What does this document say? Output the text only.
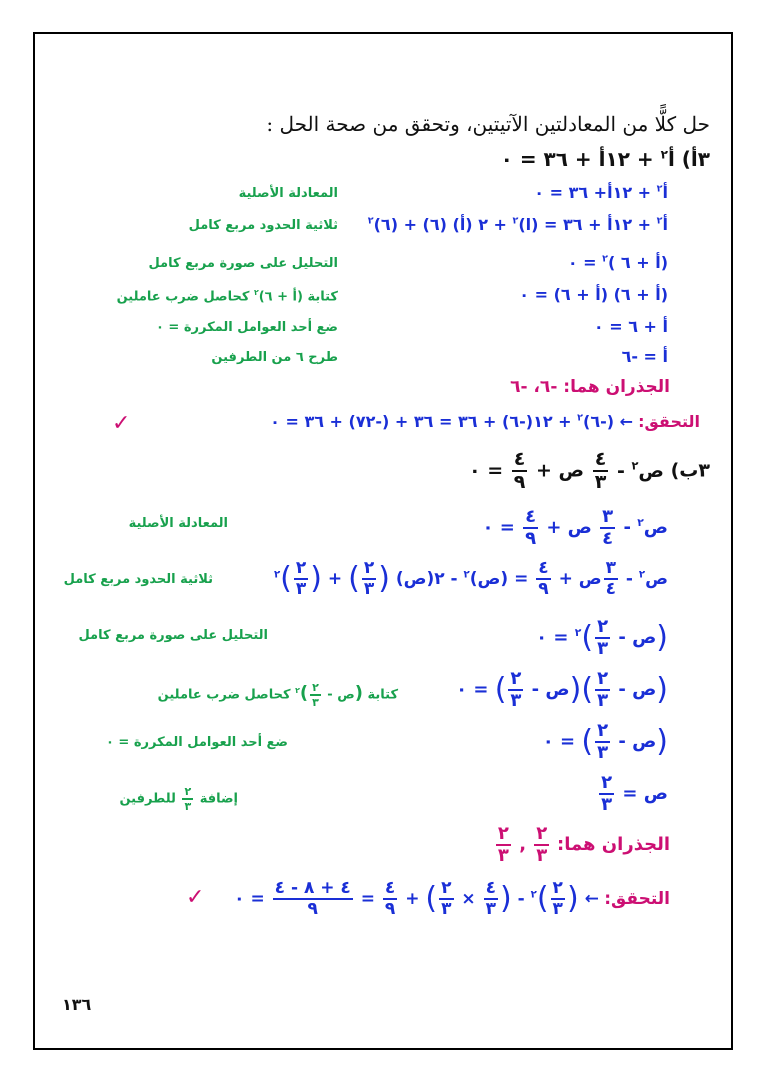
حل كلًّا من المعادلتين الآتيتين، وتحقق من صحة الحل :
٣أ) أ$^٢$ + ١٢أ + ٣٦ = ٠
أ$^٢$ + ١٢أ+ ٣٦ = ٠
المعادلة الأصلية
أ$^٢$ + ١٢أ + ٣٦ = (ا)$^٢$ + ٢ (أ) (٦) + (٦)$^٢$
ثلاثية الحدود مربع كامل
(أ + ٦ )$^٢$ = ٠
التحليل على صورة مربع كامل
(أ + ٦) (أ + ٦) = ٠
كتابة (أ + ٦)$^٢$ كحاصل ضرب عاملين
أ + ٦ = ٠
ضع أحد العوامل المكررة = ٠
أ = -٦
طرح ٦ من الطرفين
الجذران هما: -٦، -٦
التحقق: ← (-٦)$^٢$ + ١٢(-٦) + ٣٦ = ٣٦ + (-٧٢) + ٣٦ = ٠
✓
٣ب) ص$^٢$ -
$\frac{٤}{٣}$
ص +
$\frac{٤}{٩}$
= ٠
ص$^٢$ -
$\frac{٣}{٤}$
ص +
$\frac{٤}{٩}$
= ٠
المعادلة الأصلية
ص$^٢$ -
$\frac{٣}{٤}$
ص +
$\frac{٤}{٩}$
= (ص)$^٢$ - ٢(ص) (
$\frac{٢}{٣}$
) + (
$\frac{٢}{٣}$
)$^٢$
ثلاثية الحدود مربع كامل
(ص -
$\frac{٢}{٣}$
)$^٢$ = ٠
التحليل على صورة مربع كامل
(ص -
$\frac{٢}{٣}$
)(ص -
$\frac{٢}{٣}$
) = ٠
كتابة (ص -
$\frac{٢}{٣}$
)$^٢$ كحاصل ضرب عاملين
(ص -
$\frac{٢}{٣}$
) = ٠
ضع أحد العوامل المكررة = ٠
ص =
$\frac{٢}{٣}$
إضافة
$\frac{٢}{٣}$
للطرفين
الجذران هما:
$\frac{٢}{٣}$
,
$\frac{٢}{٣}$
التحقق: ← (
$\frac{٢}{٣}$
)$^٢$ - (
$\frac{٤}{٣}$
×
$\frac{٢}{٣}$
) +
$\frac{٤}{٩}$
=
$\frac{٤ + ٨ - ٤}{٩}$
= ٠
✓
١٣٦
